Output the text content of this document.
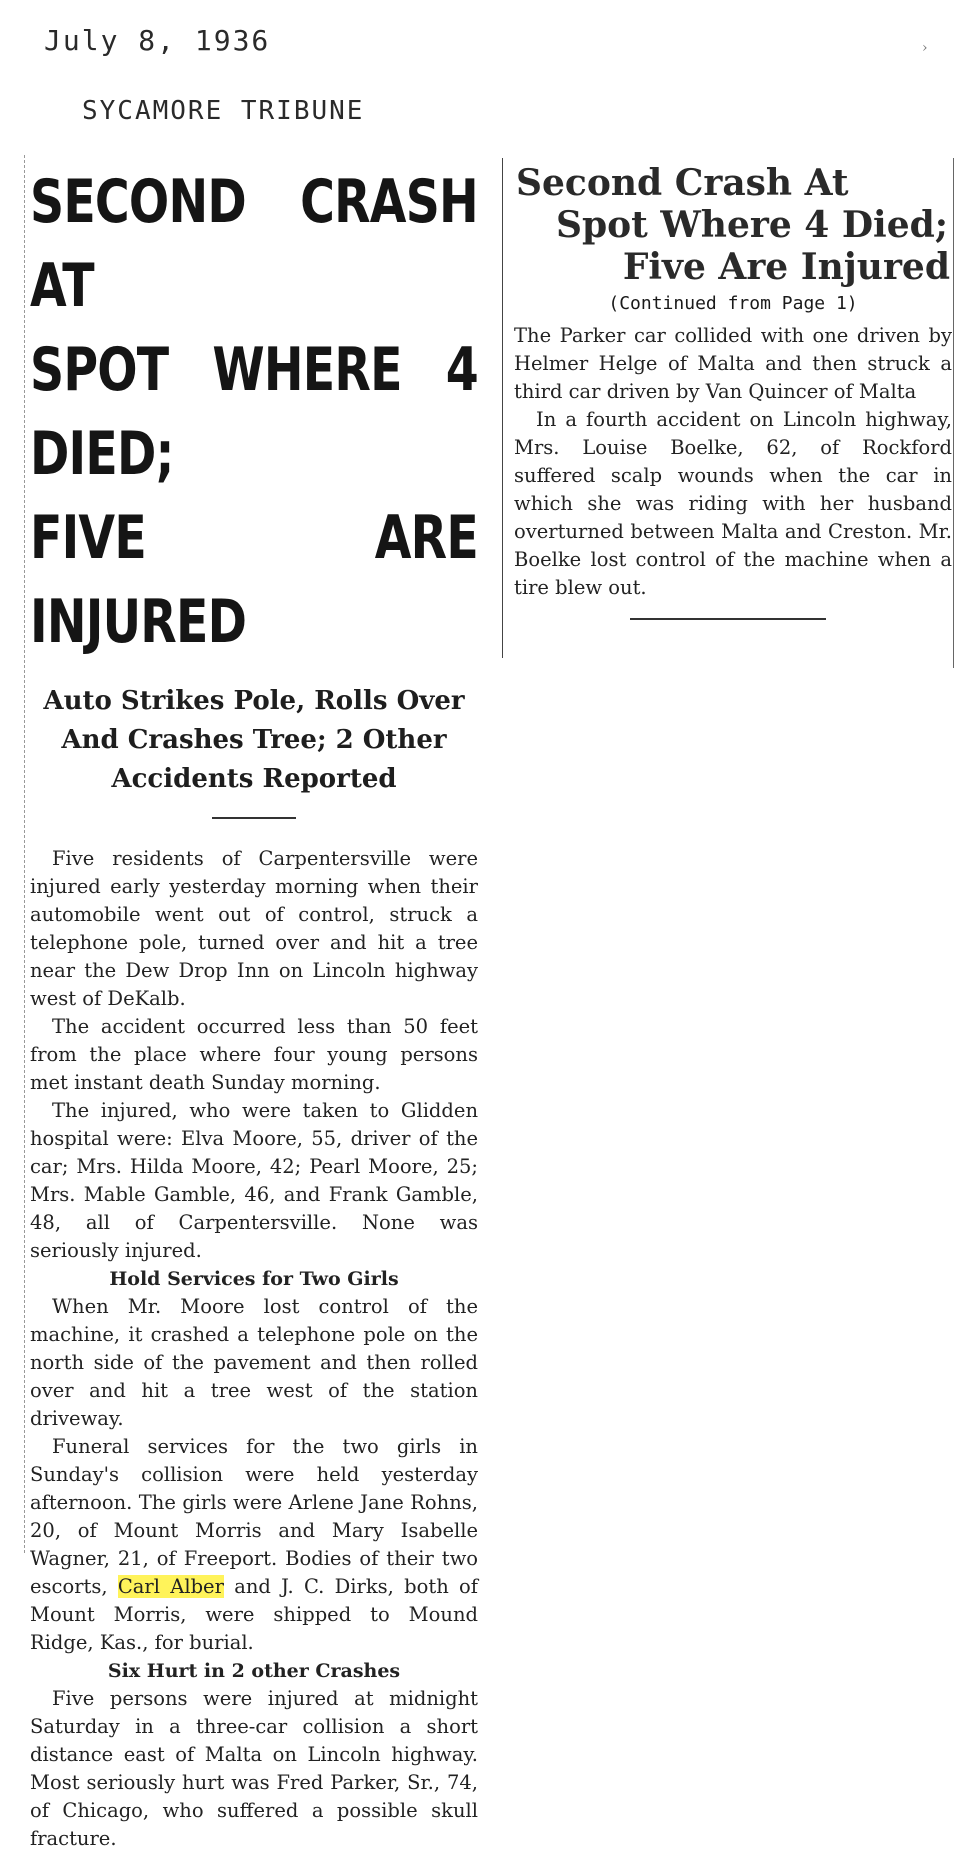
July 8, 1936
SYCAMORE TRIBUNE
›
SECOND CRASH AT
SPOT WHERE 4 DIED;
FIVE ARE INJURED
Auto Strikes Pole, Rolls Over
And Crashes Tree; 2 Other
Accidents Reported

Five residents of Carpentersville were injured early yesterday morning when their automobile went out of control, struck a telephone pole, turned over and hit a tree near the Dew Drop Inn on Lincoln highway west of DeKalb.

The accident occurred less than 50 feet from the place where four young persons met instant death Sunday morning.

The injured, who were taken to Glidden hospital were: Elva Moore, 55, driver of the car; Mrs. Hilda Moore, 42; Pearl Moore, 25; Mrs. Mable Gamble, 46, and Frank Gamble, 48, all of Carpentersville. None was seriously injured.

Hold Services for Two Girls

When Mr. Moore lost control of the machine, it crashed a telephone pole on the north side of the pavement and then rolled over and hit a tree west of the station driveway.

Funeral services for the two girls in Sunday's collision were held yesterday afternoon. The girls were Arlene Jane Rohns, 20, of Mount Morris and Mary Isabelle Wagner, 21, of Freeport. Bodies of their two escorts, Carl Alber and J. C. Dirks, both of Mount Morris, were shipped to Mound Ridge, Kas., for burial.

Six Hurt in 2 other Crashes

Five persons were injured at midnight Saturday in a three-car collision a short distance east of Malta on Lincoln highway. Most seriously hurt was Fred Parker, Sr., 74, of Chicago, who suffered a possible skull fracture.

Second Crash At
Spot Where 4 Died;
Five Are Injured
(Continued from Page 1)

The Parker car collided with one driven by Helmer Helge of Malta and then struck a third car driven by Van Quincer of Malta

In a fourth accident on Lincoln highway, Mrs. Louise Boelke, 62, of Rockford suffered scalp wounds when the car in which she was riding with her husband overturned between Malta and Creston. Mr. Boelke lost control of the machine when a tire blew out.
